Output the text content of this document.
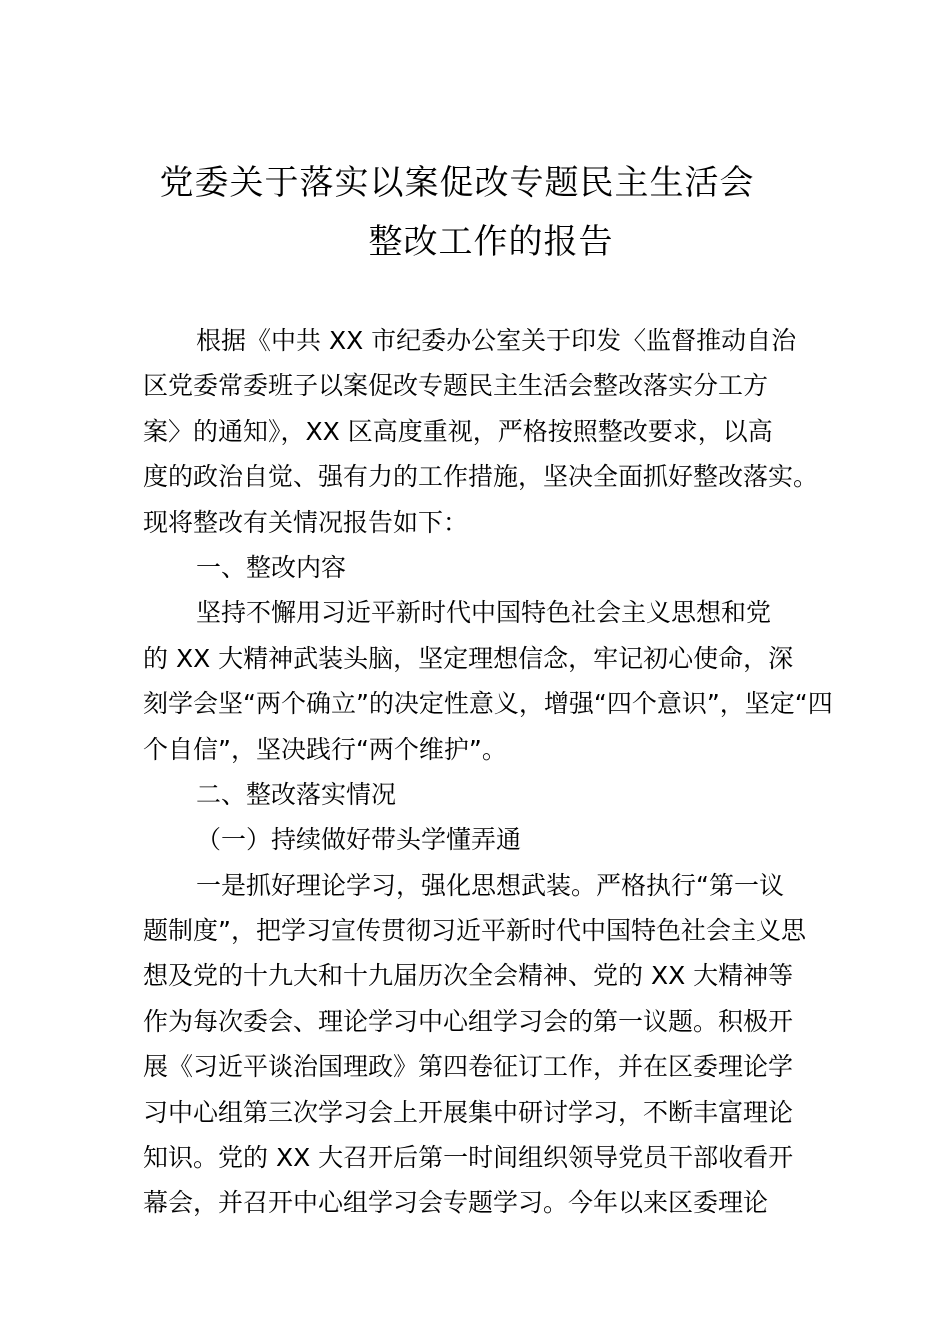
党委关于落实以案促改专题民主生活会
整改工作的报告
根据《中共 XX 市纪委办公室关于印发〈监督推动自治
区党委常委班子以案促改专题民主生活会整改落实分工方
案〉的通知》，XX 区高度重视，严格按照整改要求，以高
度的政治自觉、强有力的工作措施，坚决全面抓好整改落实。
现将整改有关情况报告如下：
一、整改内容
坚持不懈用习近平新时代中国特色社会主义思想和党
的 XX 大精神武装头脑，坚定理想信念，牢记初心使命，深
刻学会坚“两个确立”的决定性意义，增强“四个意识”，坚定“四
个自信”，坚决践行“两个维护”。
二、整改落实情况
（一）持续做好带头学懂弄通
一是抓好理论学习，强化思想武装。严格执行“第一议
题制度”，把学习宣传贯彻习近平新时代中国特色社会主义思
想及党的十九大和十九届历次全会精神、党的 XX 大精神等
作为每次委会、理论学习中心组学习会的第一议题。积极开
展《习近平谈治国理政》第四卷征订工作，并在区委理论学
习中心组第三次学习会上开展集中研讨学习，不断丰富理论
知识。党的 XX 大召开后第一时间组织领导党员干部收看开
幕会，并召开中心组学习会专题学习。今年以来区委理论
